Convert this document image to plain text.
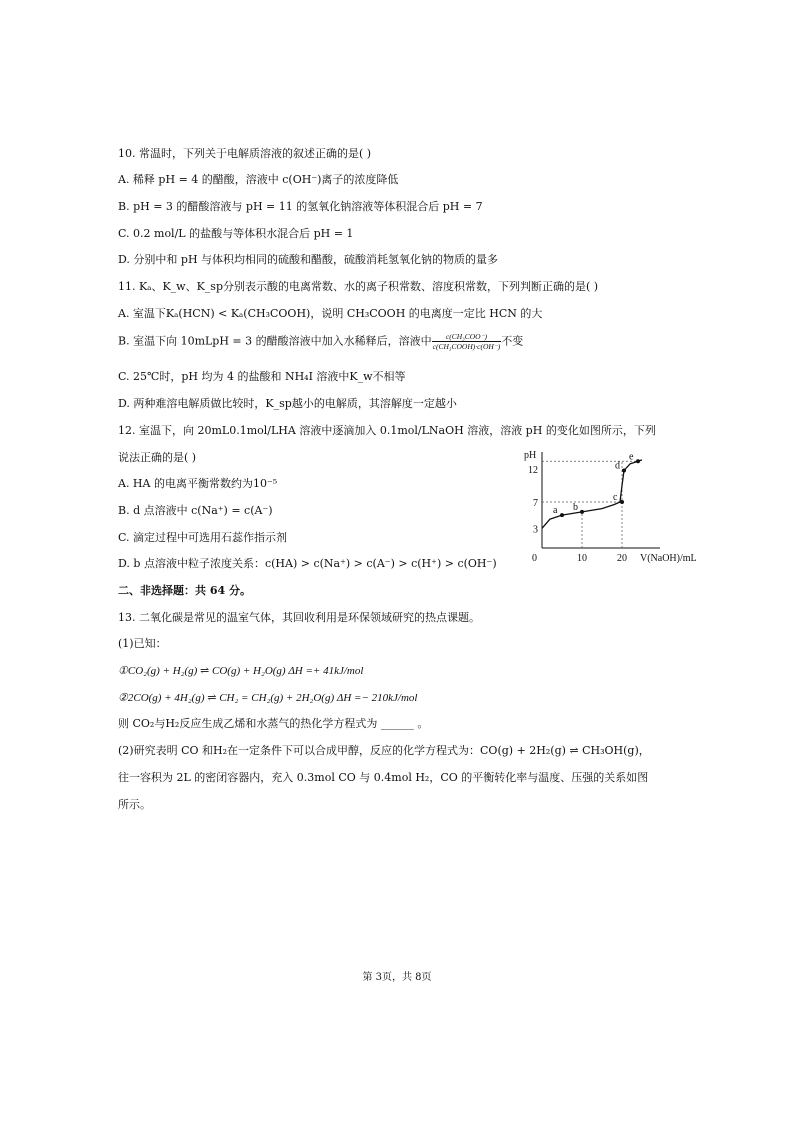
10. 常温时，下列关于电解质溶液的叙述正确的是( )
A. 稀释 pH = 4 的醋酸，溶液中 c(OH⁻)离子的浓度降低
B. pH = 3 的醋酸溶液与 pH = 11 的氢氧化钠溶液等体积混合后 pH = 7
C. 0.2 mol/L 的盐酸与等体积水混合后 pH = 1
D. 分别中和 pH 与体积均相同的硫酸和醋酸，硫酸消耗氢氧化钠的物质的量多
11. Kₐ、K_w、K_sp分别表示酸的电离常数、水的离子积常数、溶度积常数，下列判断正确的是( )
A. 室温下Kₐ(HCN) < Kₐ(CH₃COOH)，说明 CH₃COOH 的电离度一定比 HCN 的大
B. 室温下向 10mLpH = 3 的醋酸溶液中加入水稀释后，溶液中 $\frac{\text{c(CH₃COO⁻)}}{\text{c(CH₃COOH)·c(OH⁻)}}$ 不变
C. 25℃时，pH 均为 4 的盐酸和 NH₄I 溶液中K_w不相等
D. 两种难溶电解质做比较时，K_sp越小的电解质，其溶解度一定越小
12. 室温下，向 20mL0.1mol/LHA 溶液中逐滴加入 0.1mol/LNaOH 溶液，溶液 pH 的变化如图所示，下列
说法正确的是( )
A. HA 的电离平衡常数约为10⁻⁵
B. d 点溶液中 c(Na⁺) = c(A⁻)
C. 滴定过程中可选用石蕊作指示剂
D. b 点溶液中粒子浓度关系：c(HA) > c(Na⁺) > c(A⁻) > c(H⁺) > c(OH⁻)
pH
V(NaOH)/mL
0	10	20
3
7
12
a b
c
d
e
二、非选择题：共 64 分。
13. 二氧化碳是常见的温室气体，其回收利用是环保领域研究的热点课题。
(1)已知：
①CO₂(g) + H₂(g) ⇌ CO(g) + H₂O(g) ΔH =+ 41kJ/mol
②2CO(g) + 4H₂(g) ⇌ CH₂ = CH₂(g) + 2H₂O(g) ΔH =− 210kJ/mol
则 CO₂与H₂反应生成乙烯和水蒸气的热化学方程式为 ______ 。
(2)研究表明 CO 和H₂在一定条件下可以合成甲醇，反应的化学方程式为：CO(g) + 2H₂(g) ⇌ CH₃OH(g)，
往一容积为 2L 的密闭容器内，充入 0.3mol CO 与 0.4mol H₂，CO 的平衡转化率与温度、压强的关系如图
所示。
第 3页，共 8页
